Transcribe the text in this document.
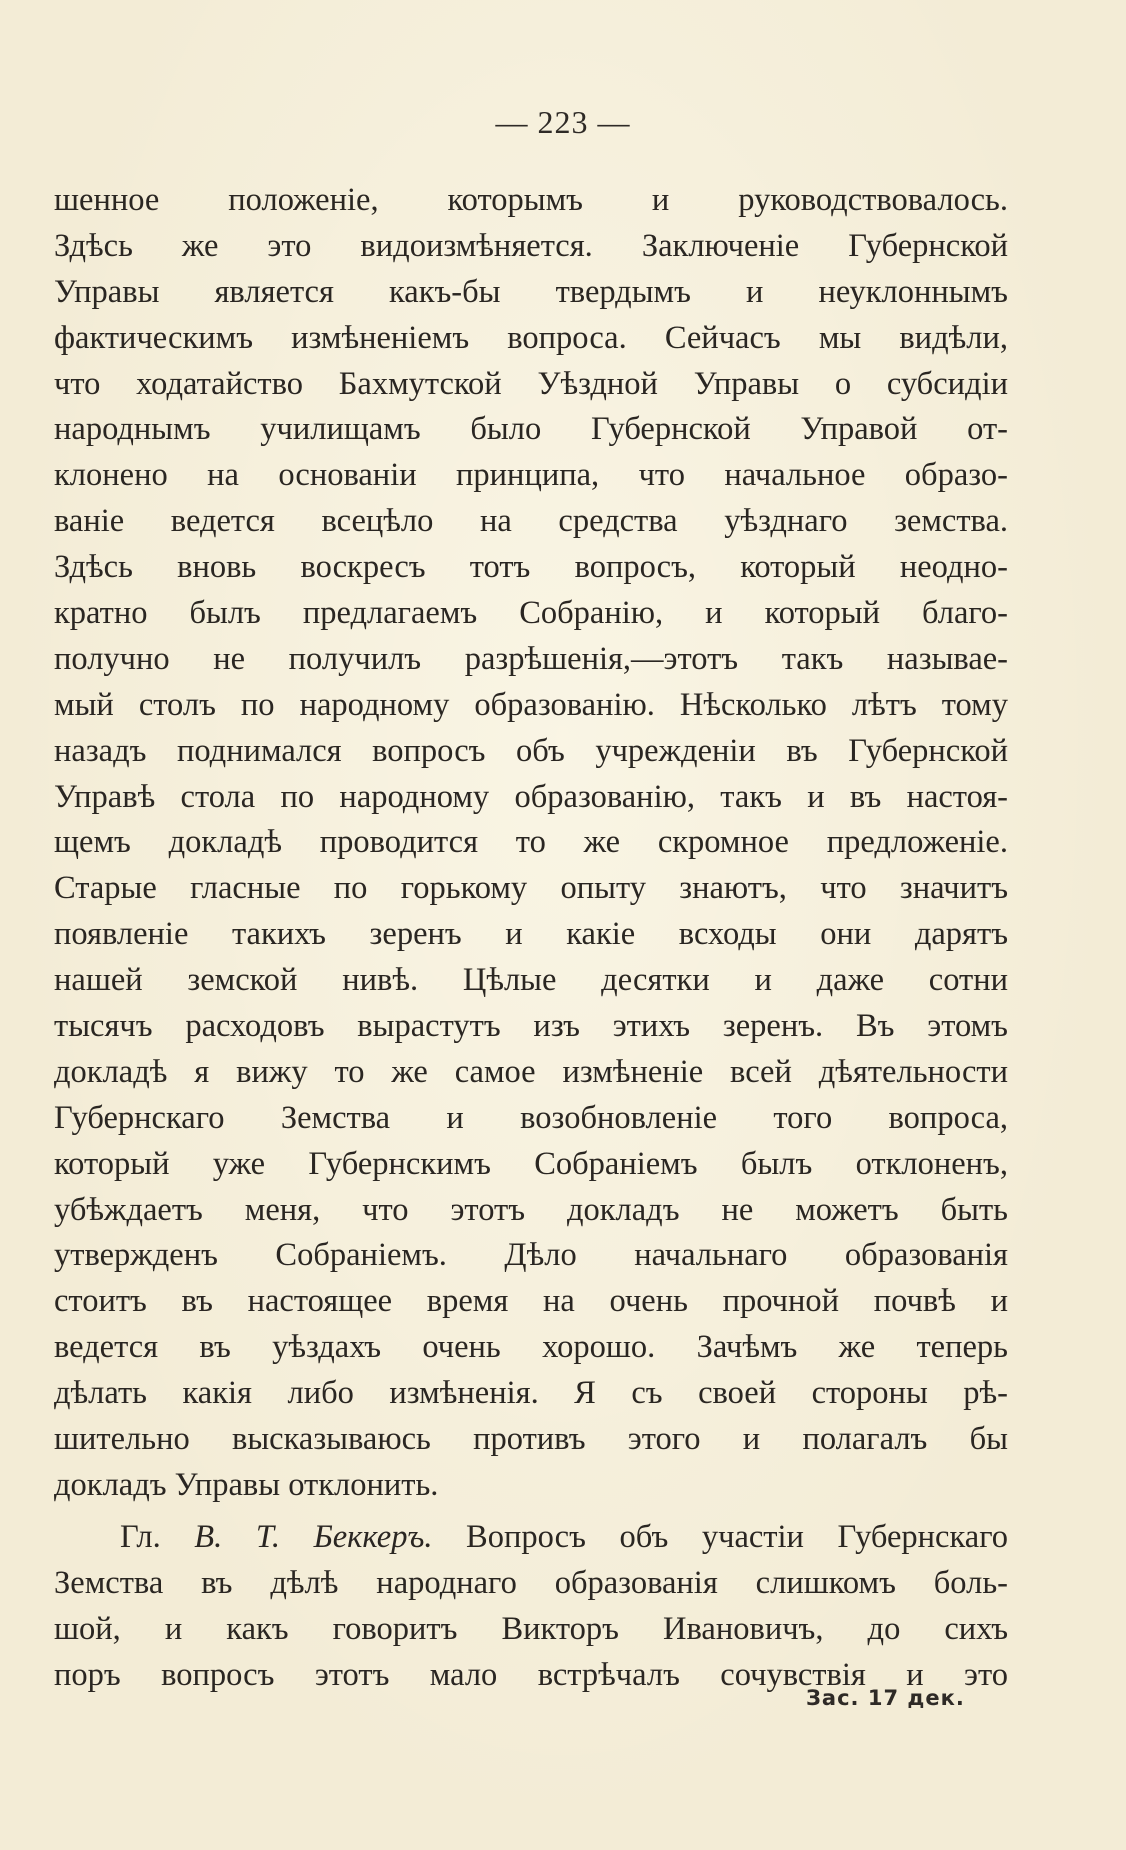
— 223 —
шенное положеніе, которымъ и руководствовалось.
Здѣсь же это видоизмѣняется. Заключеніе Губернской
Управы является какъ-бы твердымъ и неуклоннымъ
фактическимъ измѣненіемъ вопроса. Сейчасъ мы видѣли,
что ходатайство Бахмутской Уѣздной Управы о субсидіи
народнымъ училищамъ было Губернской Управой от-
клонено на основаніи принципа, что начальное образо-
ваніе ведется всецѣло на средства уѣзднаго земства.
Здѣсь вновь воскресъ тотъ вопросъ, который неодно-
кратно былъ предлагаемъ Собранію, и который благо-
получно не получилъ разрѣшенія,—этотъ такъ называе-
мый столъ по народному образованію. Нѣсколько лѣтъ тому
назадъ поднимался вопросъ объ учрежденіи въ Губернской
Управѣ стола по народному образованію, такъ и въ настоя-
щемъ докладѣ проводится то же скромное предложеніе.
Старые гласные по горькому опыту знаютъ, что значитъ
появленіе такихъ зеренъ и какіе всходы они дарятъ
нашей земской нивѣ. Цѣлые десятки и даже сотни
тысячъ расходовъ вырастутъ изъ этихъ зеренъ. Въ этомъ
докладѣ я вижу то же самое измѣненіе всей дѣятельности
Губернскаго Земства и возобновленіе того вопроса,
который уже Губернскимъ Собраніемъ былъ отклоненъ,
убѣждаетъ меня, что этотъ докладъ не можетъ быть
утвержденъ Собраніемъ. Дѣло начальнаго образованія
стоитъ въ настоящее время на очень прочной почвѣ и
ведется въ уѣздахъ очень хорошо. Зачѣмъ же теперь
дѣлать какія либо измѣненія. Я съ своей стороны рѣ-
шительно высказываюсь противъ этого и полагалъ бы
докладъ Управы отклонить.
Гл. В. Т. Беккеръ. Вопросъ объ участіи Губернскаго
Земства въ дѣлѣ народнаго образованія слишкомъ боль-
шой, и какъ говоритъ Викторъ Ивановичъ, до сихъ
поръ вопросъ этотъ мало встрѣчалъ сочувствія и это
Зас. 17 дек.
